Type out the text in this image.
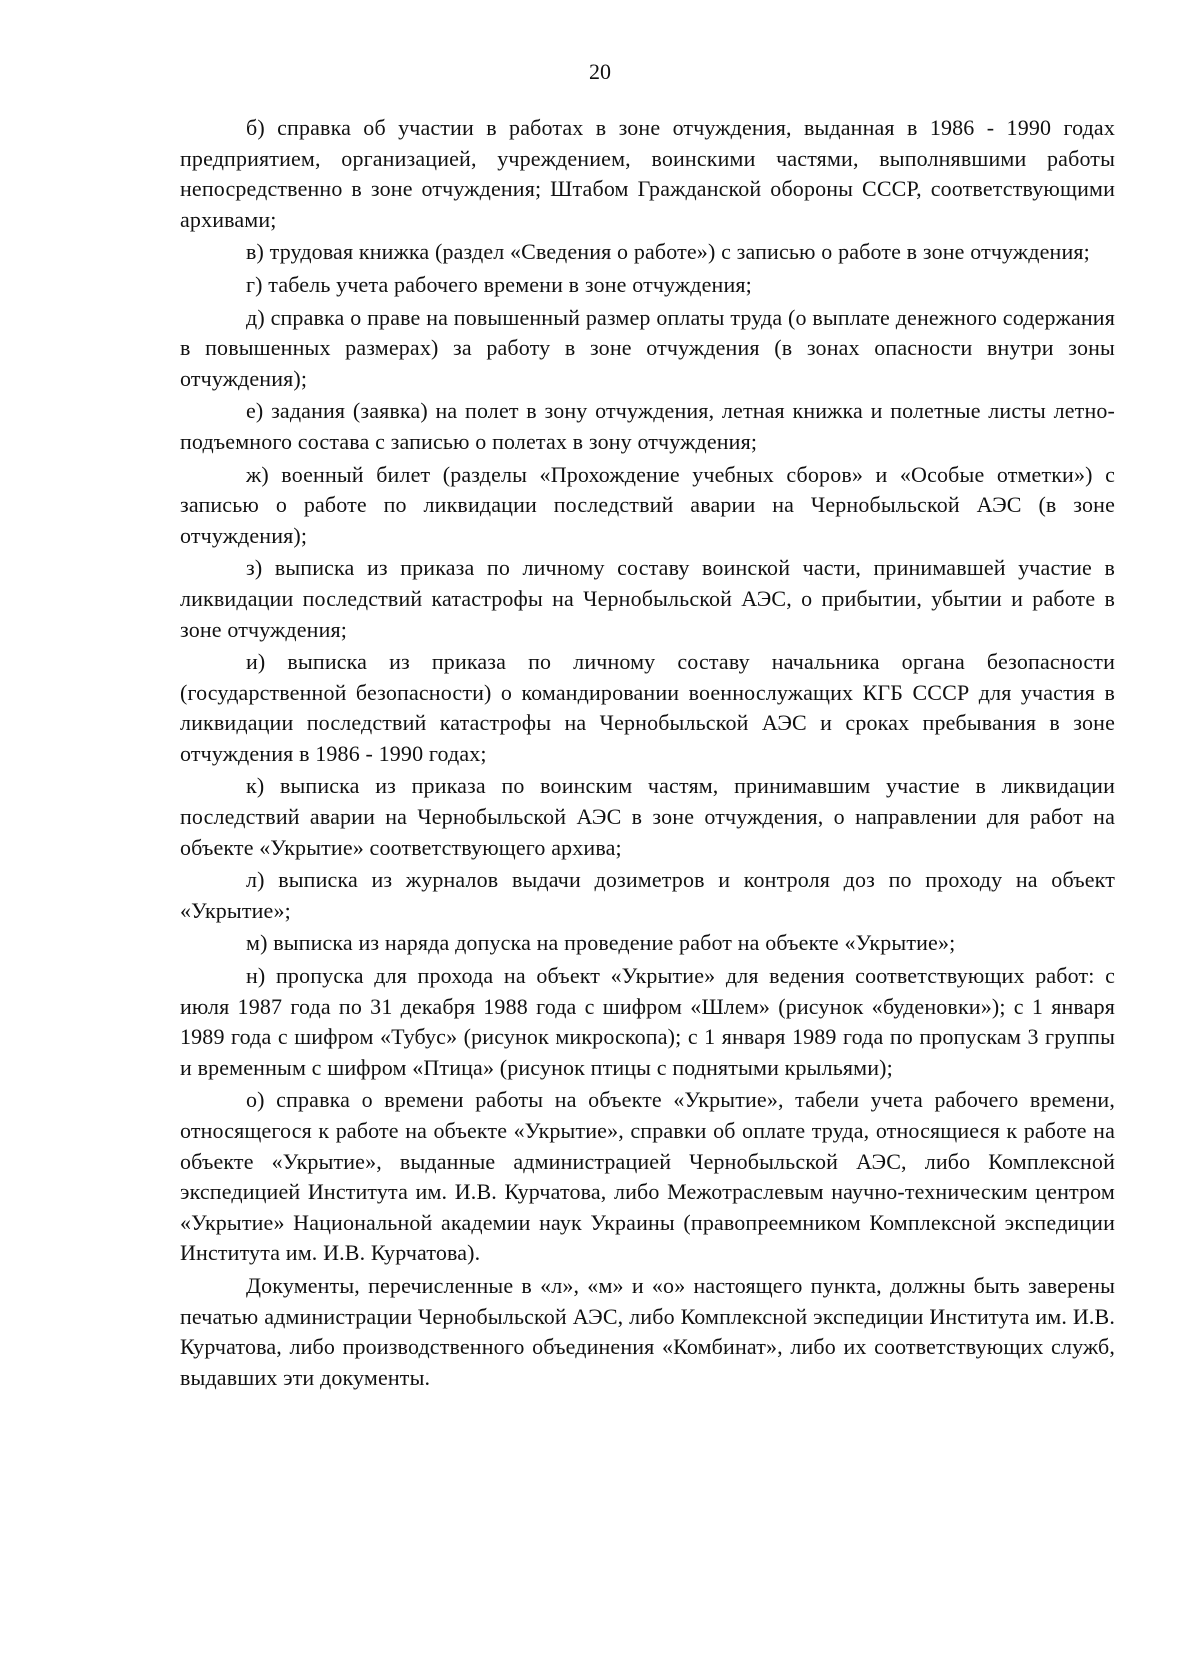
20

б) справка об участии в работах в зоне отчуждения, выданная в 1986 - 1990 годах предприятием, организацией, учреждением, воинскими частями, выполнявшими работы непосредственно в зоне отчуждения; Штабом Гражданской обороны СССР, соответствующими архивами;

в) трудовая книжка (раздел «Сведения о работе») с записью о работе в зоне отчуждения;

г) табель учета рабочего времени в зоне отчуждения;

д) справка о праве на повышенный размер оплаты труда (о выплате денежного содержания в повышенных размерах) за работу в зоне отчуждения (в зонах опасности внутри зоны отчуждения);

е) задания (заявка) на полет в зону отчуждения, летная книжка и полетные листы летно-подъемного состава с записью о полетах в зону отчуждения;

ж) военный билет (разделы «Прохождение учебных сборов» и «Особые отметки») с записью о работе по ликвидации последствий аварии на Чернобыльской АЭС (в зоне отчуждения);

з) выписка из приказа по личному составу воинской части, принимавшей участие в ликвидации последствий катастрофы на Чернобыльской АЭС, о прибытии, убытии и работе в зоне отчуждения;

и) выписка из приказа по личному составу начальника органа безопасности (государственной безопасности) о командировании военнослужащих КГБ СССР для участия в ликвидации последствий катастрофы на Чернобыльской АЭС и сроках пребывания в зоне отчуждения в 1986 - 1990 годах;

к) выписка из приказа по воинским частям, принимавшим участие в ликвидации последствий аварии на Чернобыльской АЭС в зоне отчуждения, о направлении для работ на объекте «Укрытие» соответствующего архива;

л) выписка из журналов выдачи дозиметров и контроля доз по проходу на объект «Укрытие»;

м) выписка из наряда допуска на проведение работ на объекте «Укрытие»;

н) пропуска для прохода на объект «Укрытие» для ведения соответствующих работ: с июля 1987 года по 31 декабря 1988 года с шифром «Шлем» (рисунок «буденовки»); с 1 января 1989 года с шифром «Тубус» (рисунок микроскопа); с 1 января 1989 года по пропускам 3 группы и временным с шифром «Птица» (рисунок птицы с поднятыми крыльями);

о) справка о времени работы на объекте «Укрытие», табели учета рабочего времени, относящегося к работе на объекте «Укрытие», справки об оплате труда, относящиеся к работе на объекте «Укрытие», выданные администрацией Чернобыльской АЭС, либо Комплексной экспедицией Института им. И.В. Курчатова, либо Межотраслевым научно-техническим центром «Укрытие» Национальной академии наук Украины (правопреемником Комплексной экспедиции Института им. И.В. Курчатова).

Документы, перечисленные в «л», «м» и «о» настоящего пункта, должны быть заверены печатью администрации Чернобыльской АЭС, либо Комплексной экспедиции Института им. И.В. Курчатова, либо производственного объединения «Комбинат», либо их соответствующих служб, выдавших эти документы.
